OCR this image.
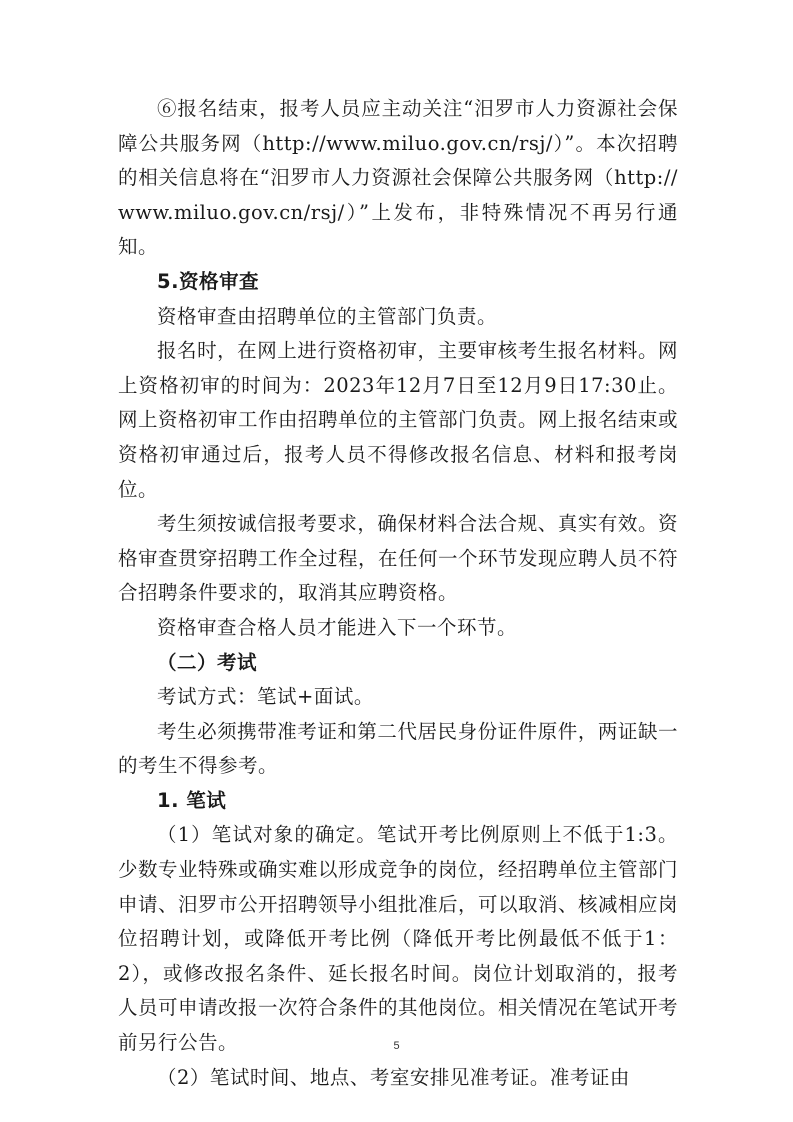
⑥报名结束，报考人员应主动关注“汨罗市人力资源社会保障公共服务网（http://www.miluo.gov.cn/rsj/）”。本次招聘的相关信息将在“汨罗市人力资源社会保障公共服务网（http://www.miluo.gov.cn/rsj/）”上发布，非特殊情况不再另行通知。

5.资格审查

资格审查由招聘单位的主管部门负责。

报名时，在网上进行资格初审，主要审核考生报名材料。网上资格初审的时间为：2023年12月7日至12月9日17:30止。网上资格初审工作由招聘单位的主管部门负责。网上报名结束或资格初审通过后，报考人员不得修改报名信息、材料和报考岗位。

考生须按诚信报考要求，确保材料合法合规、真实有效。资格审查贯穿招聘工作全过程，在任何一个环节发现应聘人员不符合招聘条件要求的，取消其应聘资格。

资格审查合格人员才能进入下一个环节。

（二）考试

考试方式：笔试+面试。

考生必须携带准考证和第二代居民身份证件原件，两证缺一的考生不得参考。

1. 笔试

（1）笔试对象的确定。笔试开考比例原则上不低于1:3。少数专业特殊或确实难以形成竞争的岗位，经招聘单位主管部门申请、汨罗市公开招聘领导小组批准后，可以取消、核减相应岗位招聘计划，或降低开考比例（降低开考比例最低不低于1：2），或修改报名条件、延长报名时间。岗位计划取消的，报考人员可申请改报一次符合条件的其他岗位。相关情况在笔试开考前另行公告。

（2）笔试时间、地点、考室安排见准考证。准考证由

5
